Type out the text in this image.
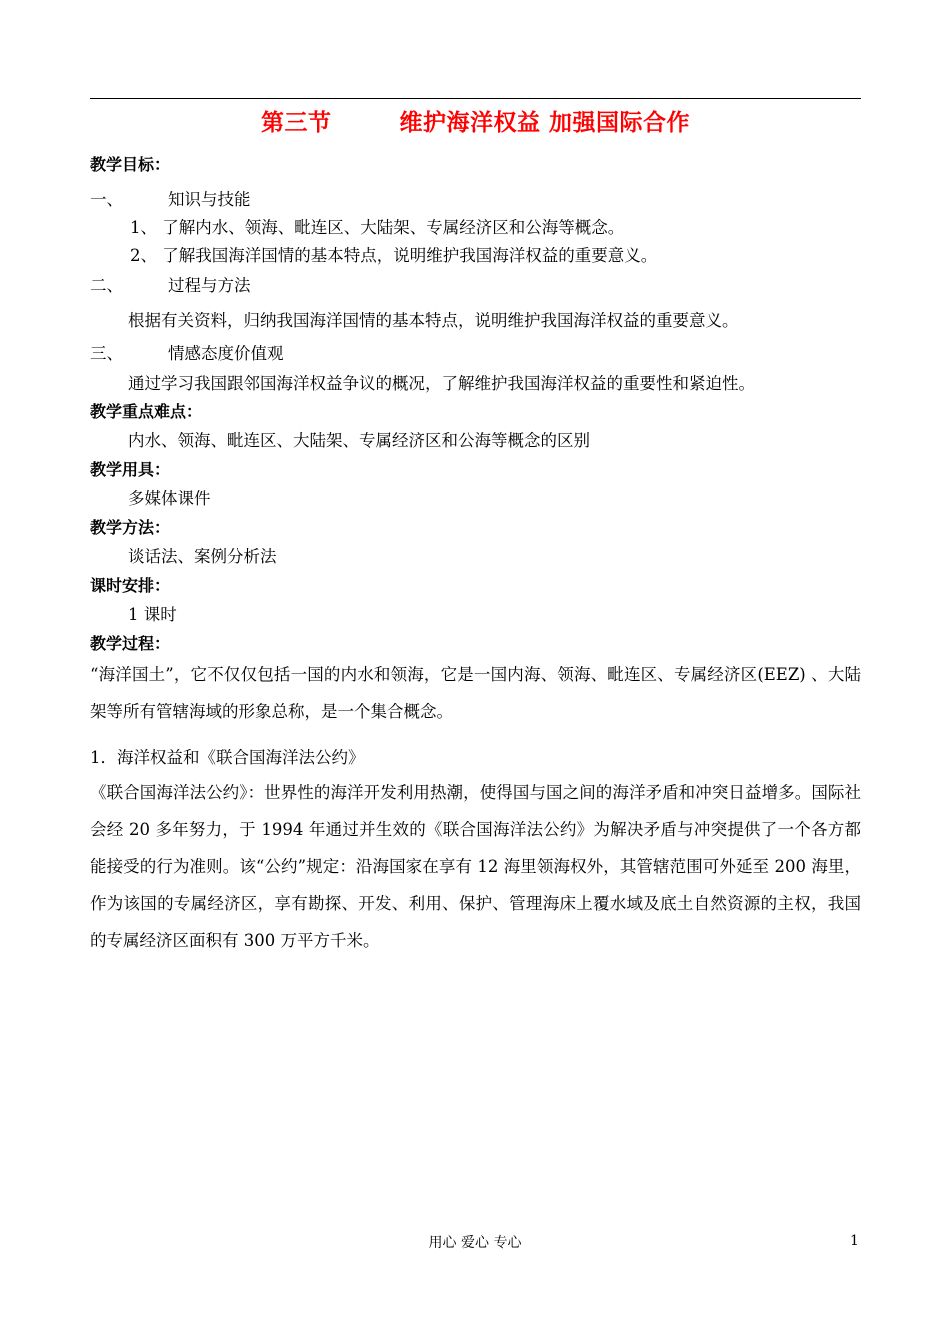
第三节        维护海洋权益 加强国际合作
教学目标：
一、	知识与技能
1、 了解内水、领海、毗连区、大陆架、专属经济区和公海等概念。
2、 了解我国海洋国情的基本特点，说明维护我国海洋权益的重要意义。
二、	过程与方法
根据有关资料，归纳我国海洋国情的基本特点，说明维护我国海洋权益的重要意义。
三、	情感态度价值观
通过学习我国跟邻国海洋权益争议的概况，了解维护我国海洋权益的重要性和紧迫性。
教学重点难点：
内水、领海、毗连区、大陆架、专属经济区和公海等概念的区别
教学用具：
多媒体课件
教学方法：
谈话法、案例分析法
课时安排：
1 课时
教学过程：
“海洋国土”，它不仅仅包括一国的内水和领海，它是一国内海、领海、毗连区、专属经济区(EEZ) 、大陆架等所有管辖海域的形象总称，是一个集合概念。
1．海洋权益和《联合国海洋法公约》
《联合国海洋法公约》：世界性的海洋开发利用热潮，使得国与国之间的海洋矛盾和冲突日益增多。国际社会经 20 多年努力，于 1994 年通过并生效的《联合国海洋法公约》为解决矛盾与冲突提供了一个各方都能接受的行为准则。该“公约”规定：沿海国家在享有 12 海里领海权外，其管辖范围可外延至 200 海里，作为该国的专属经济区，享有勘探、开发、利用、保护、管理海床上覆水域及底土自然资源的主权，我国的专属经济区面积有 300 万平方千米。
用心 爱心 专心	1
